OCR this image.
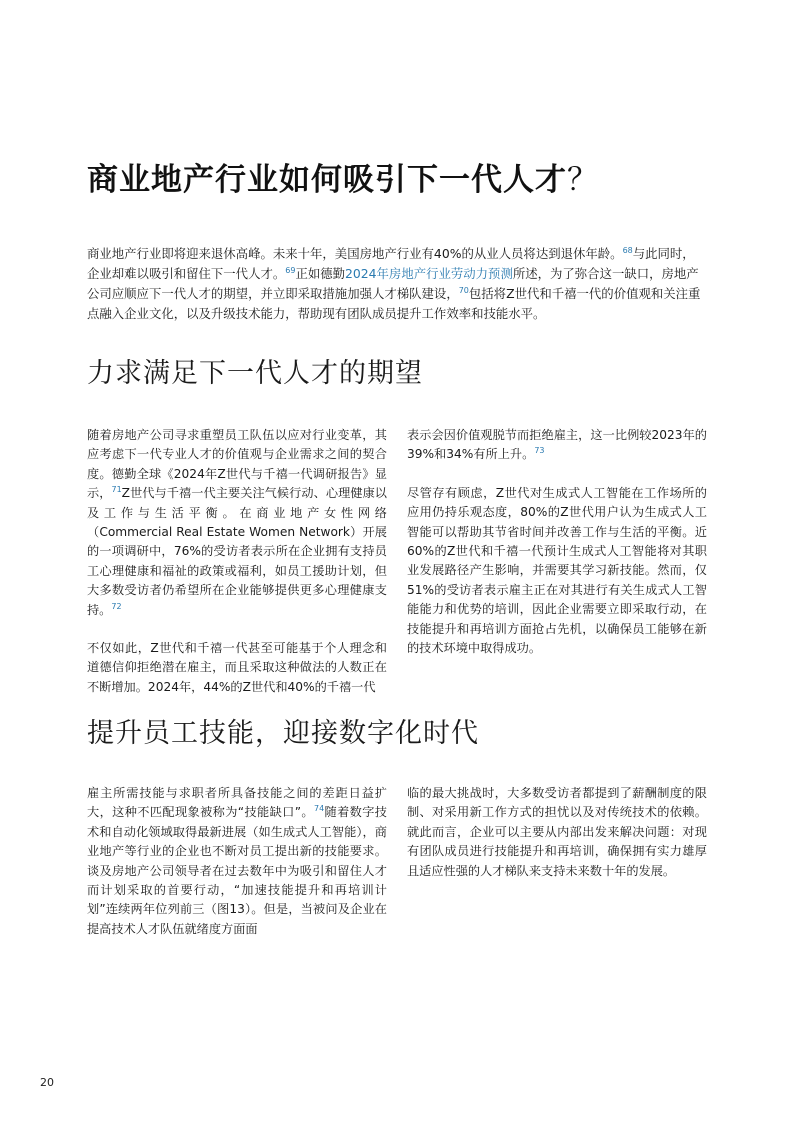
商业地产行业如何吸引下一代人才？

商业地产行业即将迎来退休高峰。未来十年，美国房地产行业有40%的从业人员将达到退休年龄。$^{68}$与此同时，企业却难以吸引和留住下一代人才。$^{69}$正如德勤2024年房地产行业劳动力预测所述，为了弥合这一缺口，房地产公司应顺应下一代人才的期望，并立即采取措施加强人才梯队建设，$^{70}$包括将Z世代和千禧一代的价值观和关注重点融入企业文化，以及升级技术能力，帮助现有团队成员提升工作效率和技能水平。

力求满足下一代人才的期望

随着房地产公司寻求重塑员工队伍以应对行业变革，其应考虑下一代专业人才的价值观与企业需求之间的契合度。德勤全球《2024年Z世代与千禧一代调研报告》显示，$^{71}$Z世代与千禧一代主要关注气候行动、心理健康以及工作与生活平衡。在商业地产女性网络（Commercial Real Estate Women Network）开展的一项调研中，76%的受访者表示所在企业拥有支持员工心理健康和福祉的政策或福利，如员工援助计划，但大多数受访者仍希望所在企业能够提供更多心理健康支持。$^{72}$

不仅如此，Z世代和千禧一代甚至可能基于个人理念和道德信仰拒绝潜在雇主，而且采取这种做法的人数正在不断增加。2024年，44%的Z世代和40%的千禧一代

表示会因价值观脱节而拒绝雇主，这一比例较2023年的39%和34%有所上升。$^{73}$

尽管存有顾虑，Z世代对生成式人工智能在工作场所的应用仍持乐观态度，80%的Z世代用户认为生成式人工智能可以帮助其节省时间并改善工作与生活的平衡。近60%的Z世代和千禧一代预计生成式人工智能将对其职业发展路径产生影响，并需要其学习新技能。然而，仅51%的受访者表示雇主正在对其进行有关生成式人工智能能力和优势的培训，因此企业需要立即采取行动，在技能提升和再培训方面抢占先机，以确保员工能够在新的技术环境中取得成功。

提升员工技能，迎接数字化时代

雇主所需技能与求职者所具备技能之间的差距日益扩大，这种不匹配现象被称为“技能缺口”。$^{74}$随着数字技术和自动化领域取得最新进展（如生成式人工智能），商业地产等行业的企业也不断对员工提出新的技能要求。谈及房地产公司领导者在过去数年中为吸引和留住人才而计划采取的首要行动，“加速技能提升和再培训计划”连续两年位列前三（图13）。但是，当被问及企业在提高技术人才队伍就绪度方面面

临的最大挑战时，大多数受访者都提到了薪酬制度的限制、对采用新工作方式的担忧以及对传统技术的依赖。就此而言，企业可以主要从内部出发来解决问题：对现有团队成员进行技能提升和再培训，确保拥有实力雄厚且适应性强的人才梯队来支持未来数十年的发展。

20
